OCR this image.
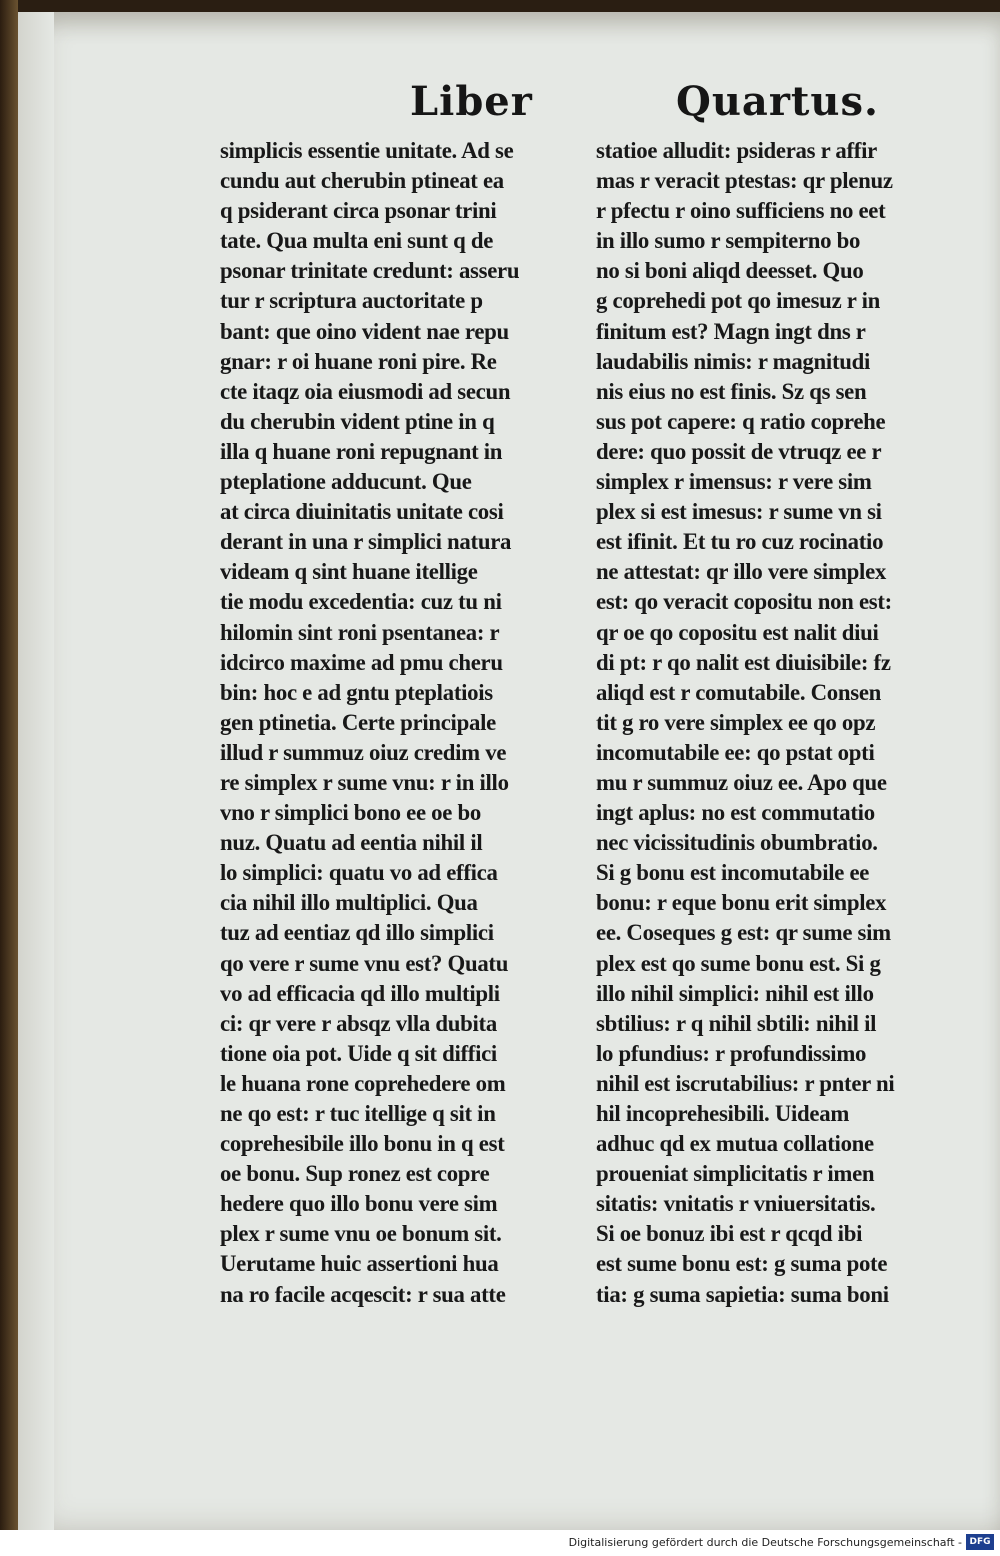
Liber	Quartus.
simplicis essentie unitate. Ad se
cundu aut cherubin ptineat ea
q psiderant circa psonar trini
tate. Qua multa eni sunt q de
psonar trinitate credunt: asseru
tur r scriptura auctoritate p
bant: que oino vident nae repu
gnar: r oi huane roni pire. Re
cte itaqz oia eiusmodi ad secun
du cherubin vident ptine in q
illa q huane roni repugnant in
pteplatione adducunt. Que
at circa diuinitatis unitate cosi
derant in una r simplici natura
videam q sint huane itellige
tie modu excedentia: cuz tu ni
hilomin sint roni psentanea: r
idcirco maxime ad pmu cheru
bin: hoc e ad gntu pteplatiois
gen ptinetia. Certe principale
illud r summuz oiuz credim ve
re simplex r sume vnu: r in illo
vno r simplici bono ee oe bo
nuz. Quatu ad eentia nihil il
lo simplici: quatu vo ad effica
cia nihil illo multiplici. Qua
tuz ad eentiaz qd illo simplici
qo vere r sume vnu est? Quatu
vo ad efficacia qd illo multipli
ci: qr vere r absqz vlla dubita
tione oia pot. Uide q sit diffici
le huana rone coprehedere om
ne qo est: r tuc itellige q sit in
coprehesibile illo bonu in q est
oe bonu. Sup ronez est copre
hedere quo illo bonu vere sim
plex r sume vnu oe bonum sit.
Uerutame huic assertioni hua
na ro facile acqescit: r sua atte
statioe alludit: psideras r affir
mas r veracit ptestas: qr plenuz
r pfectu r oino sufficiens no eet
in illo sumo r sempiterno bo
no si boni aliqd deesset. Quo
g coprehedi pot qo imesuz r in
finitum est? Magn ingt dns r
laudabilis nimis: r magnitudi
nis eius no est finis. Sz qs sen
sus pot capere: q ratio coprehe
dere: quo possit de vtruqz ee r
simplex r imensus: r vere sim
plex si est imesus: r sume vn si
est ifinit. Et tu ro cuz rocinatio
ne attestat: qr illo vere simplex
est: qo veracit copositu non est:
qr oe qo copositu est nalit diui
di pt: r qo nalit est diuisibile: fz
aliqd est r comutabile. Consen
tit g ro vere simplex ee qo opz
incomutabile ee: qo pstat opti
mu r summuz oiuz ee. Apo que
ingt aplus: no est commutatio
nec vicissitudinis obumbratio.
Si g bonu est incomutabile ee
bonu: r eque bonu erit simplex
ee. Coseques g est: qr sume sim
plex est qo sume bonu est. Si g
illo nihil simplici: nihil est illo
sbtilius: r q nihil sbtili: nihil il
lo pfundius: r profundissimo
nihil est iscrutabilius: r pnter ni
hil incoprehesibili. Uideam
adhuc qd ex mutua collatione
proueniat simplicitatis r imen
sitatis: vnitatis r vniuersitatis.
Si oe bonuz ibi est r qcqd ibi
est sume bonu est: g suma pote
tia: g suma sapietia: suma boni
Digitalisierung gefördert durch die Deutsche Forschungsgemeinschaft - DFG
